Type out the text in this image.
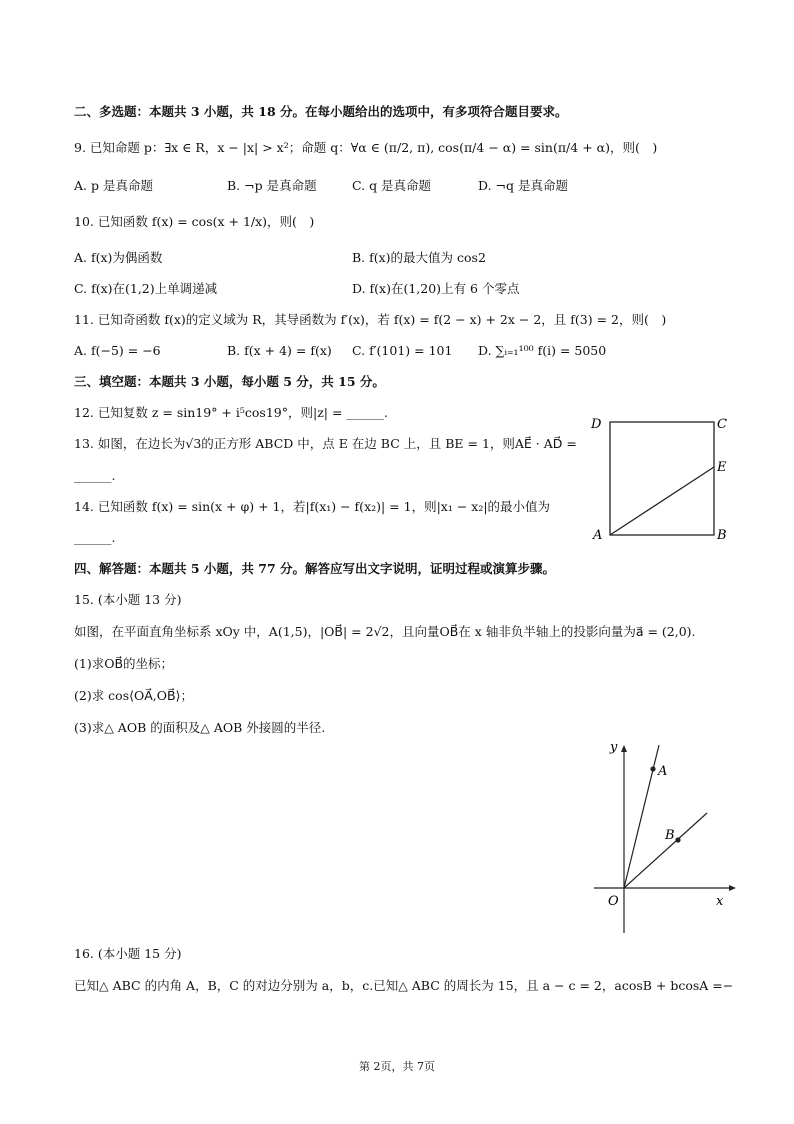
二、多选题：本题共 3 小题，共 18 分。在每小题给出的选项中，有多项符合题目要求。
9. 已知命题 p：∃x ∈ R，x − |x| > x²；命题 q：∀α ∈ (π/2, π), cos(π/4 − α) = sin(π/4 + α)，则(　)
A. p 是真命题	B. ¬p 是真命题	C. q 是真命题	D. ¬q 是真命题
10. 已知函数 f(x) = cos(x + 1/x)，则(　)
A. f(x)为偶函数	B. f(x)的最大值为 cos2
C. f(x)在(1,2)上单调递减	D. f(x)在(1,20)上有 6 个零点
11. 已知奇函数 f(x)的定义域为 R，其导函数为 f′(x)，若 f(x) = f(2 − x) + 2x − 2，且 f(3) = 2，则(　)
A. f(−5) = −6	B. f(x + 4) = f(x) C. f′(101) = 101 D. ∑ᵢ₌₁¹⁰⁰ f(i) = 5050
三、填空题：本题共 3 小题，每小题 5 分，共 15 分。
12. 已知复数 z = sin19° + i⁵cos19°，则|z| = ______.
13. 如图，在边长为√3的正方形 ABCD 中，点 E 在边 BC 上，且 BE = 1，则AE⃗ · AD⃗ =
______.
14. 已知函数 f(x) = sin(x + φ) + 1，若|f(x₁) − f(x₂)| = 1，则|x₁ − x₂|的最小值为
______.
D	C
E
A	B
四、解答题：本题共 5 小题，共 77 分。解答应写出文字说明，证明过程或演算步骤。
15. (本小题 13 分)
如图，在平面直角坐标系 xOy 中，A(1,5)，|OB⃗| = 2√2，且向量OB⃗在 x 轴非负半轴上的投影向量为a⃗ = (2,0).
(1)求OB⃗的坐标；
(2)求 cos⟨OA⃗,OB⃗⟩；
(3)求△ AOB 的面积及△ AOB 外接圆的半径.
y
x
O
A
B
16. (本小题 15 分)
已知△ ABC 的内角 A，B，C 的对边分别为 a，b，c.已知△ ABC 的周长为 15，且 a − c = 2，acosB + bcosA =−
第 2页，共 7页
